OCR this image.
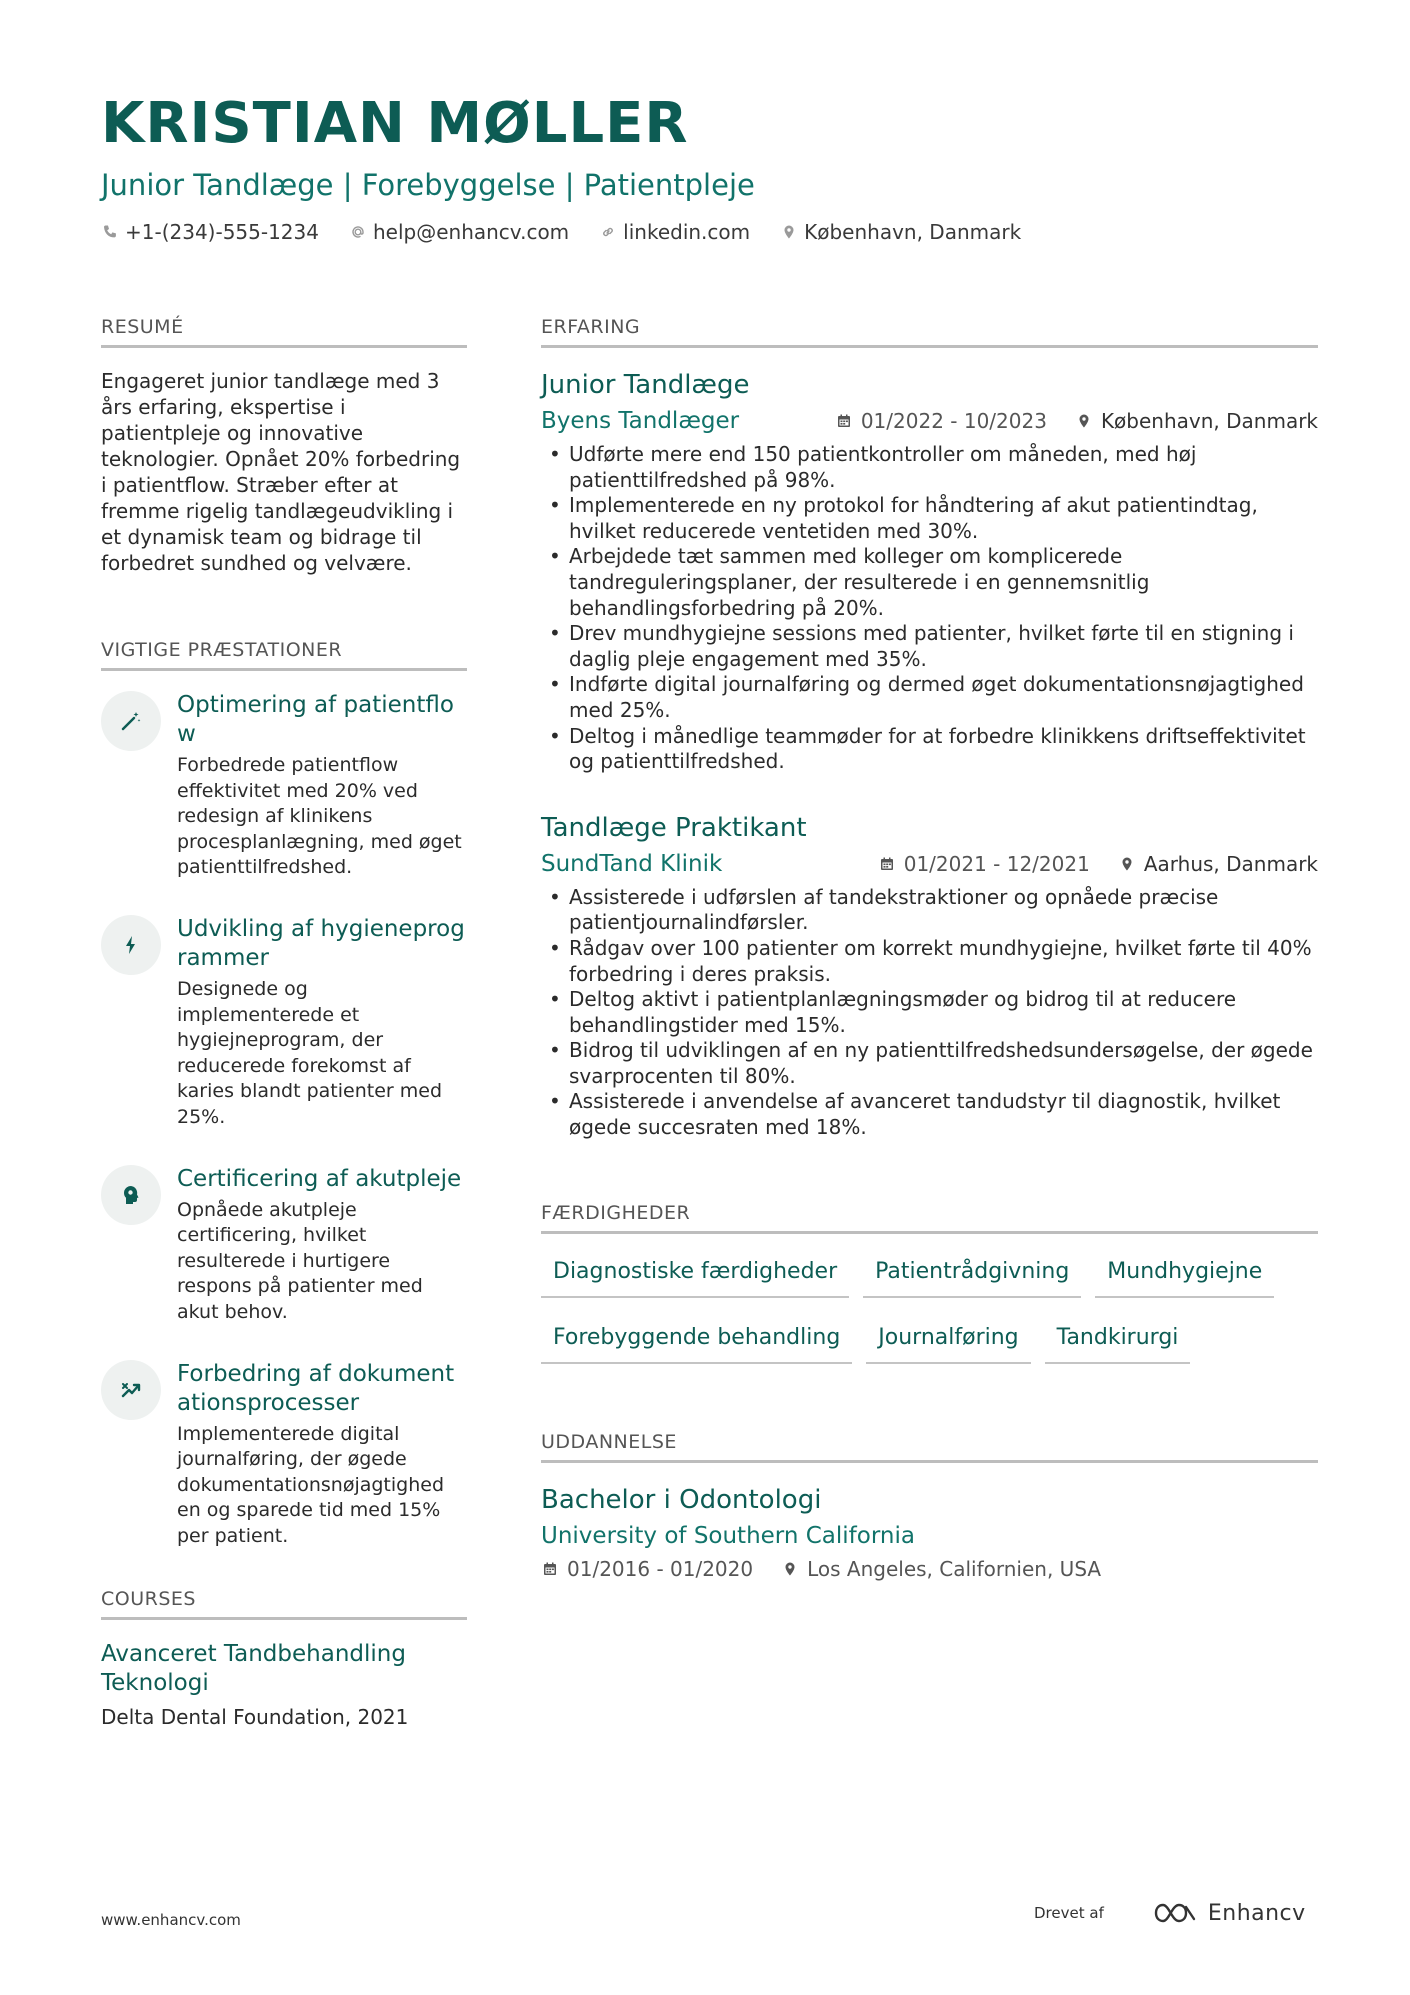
KRISTIAN MØLLER
Junior Tandlæge | Forebyggelse | Patientpleje
+1-(234)-555-1234	help@enhancv.com	linkedin.com	København, Danmark
RESUMÉ

Engageret junior tandlæge med 3 års erfaring, ekspertise i patientpleje og innovative teknologier. Opnået 20% forbedring i patientflow. Stræber efter at fremme rigelig tandlægeudvikling i et dynamisk team og bidrage til forbedret sundhed og velvære.

VIGTIGE PRÆSTATIONER
Optimering af patientflow
Forbedrede patientflow effektivitet med 20% ved redesign af klinikens procesplanlægning, med øget patienttilfredshed.
Udvikling af hygieneprogrammer
Designede og implementerede et hygiejneprogram, der reducerede forekomst af karies blandt patienter med 25%.
Certificering af akutpleje
Opnåede akutpleje certificering, hvilket resulterede i hurtigere respons på patienter med akut behov.
Forbedring af dokumentationsprocesser
Implementerede digital journalføring, der øgede dokumentationsnøjagtighed en og sparede tid med 15% per patient.
COURSES
Avanceret Tandbehandling Teknologi
Delta Dental Foundation, 2021
ERFARING
Junior Tandlæge
Byens Tandlæger	01/2022 - 10/2023	København, Danmark
• Udførte mere end 150 patientkontroller om måneden, med høj patienttilfredshed på 98%.
• Implementerede en ny protokol for håndtering af akut patientindtag, hvilket reducerede ventetiden med 30%.
• Arbejdede tæt sammen med kolleger om komplicerede tandreguleringsplaner, der resulterede i en gennemsnitlig behandlingsforbedring på 20%.
• Drev mundhygiejne sessions med patienter, hvilket førte til en stigning i daglig pleje engagement med 35%.
• Indførte digital journalføring og dermed øget dokumentationsnøjagtighed med 25%.
• Deltog i månedlige teammøder for at forbedre klinikkens driftseffektivitet og patienttilfredshed.
Tandlæge Praktikant
SundTand Klinik	01/2021 - 12/2021	Aarhus, Danmark
• Assisterede i udførslen af tandekstraktioner og opnåede præcise patientjournalindførsler.
• Rådgav over 100 patienter om korrekt mundhygiejne, hvilket førte til 40% forbedring i deres praksis.
• Deltog aktivt i patientplanlægningsmøder og bidrog til at reducere behandlingstider med 15%.
• Bidrog til udviklingen af en ny patienttilfredshedsundersøgelse, der øgede svarprocenten til 80%.
• Assisterede i anvendelse af avanceret tandudstyr til diagnostik, hvilket øgede succesraten med 18%.
FÆRDIGHEDER
Diagnostiske færdigheder	Patientrådgivning	Mundhygiejne
Forebyggende behandling	Journalføring	Tandkirurgi
UDDANNELSE
Bachelor i Odontologi
University of Southern California
01/2016 - 01/2020	Los Angeles, Californien, USA
www.enhancv.com	Drevet af	Enhancv
